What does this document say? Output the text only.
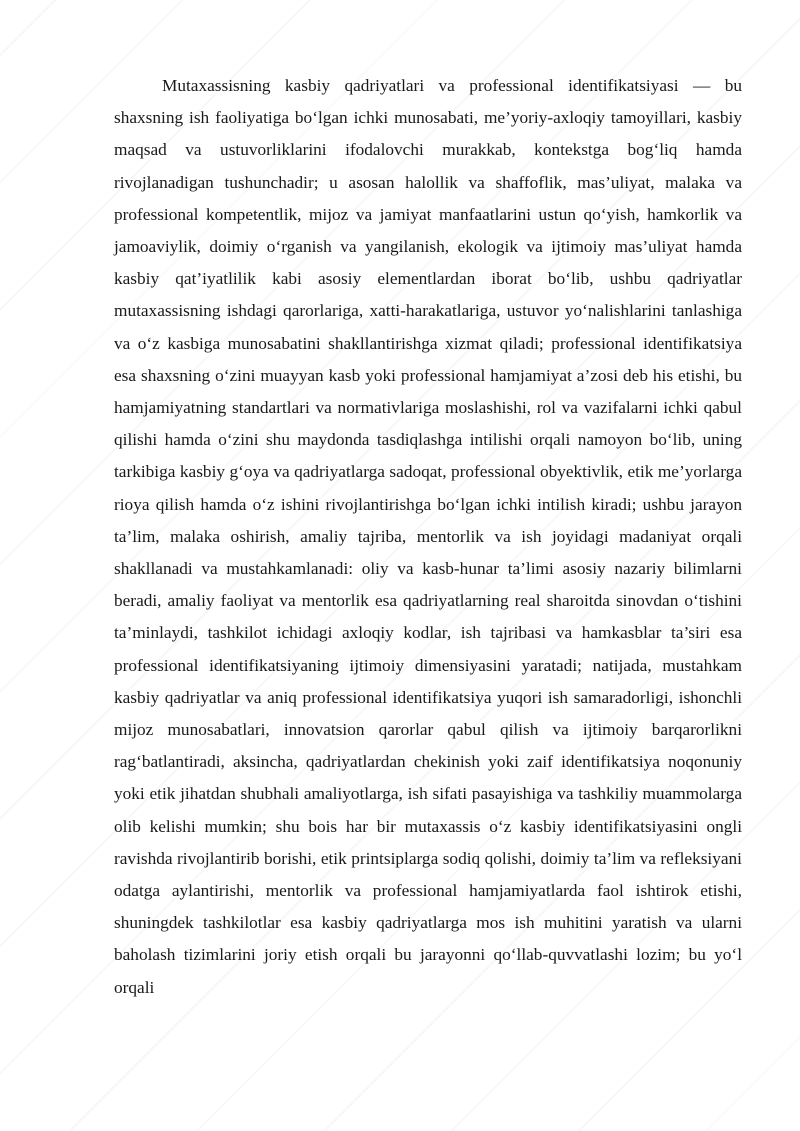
Mutaxassisning kasbiy qadriyatlari va professional identifikatsiyasi — bu shaxsning ish faoliyatiga bo‘lgan ichki munosabati, me’yoriy-axloqiy tamoyillari, kasbiy maqsad va ustuvorliklarini ifodalovchi murakkab, kontekstga bog‘liq hamda rivojlanadigan tushunchadir; u asosan halollik va shaffoflik, mas’uliyat, malaka va professional kompetentlik, mijoz va jamiyat manfaatlarini ustun qo‘yish, hamkorlik va jamoaviylik, doimiy o‘rganish va yangilanish, ekologik va ijtimoiy mas’uliyat hamda kasbiy qat’iyatlilik kabi asosiy elementlardan iborat bo‘lib, ushbu qadriyatlar mutaxassisning ishdagi qarorlariga, xatti-harakatlariga, ustuvor yo‘nalishlarini tanlashiga va o‘z kasbiga munosabatini shakllantirishga xizmat qiladi; professional identifikatsiya esa shaxsning o‘zini muayyan kasb yoki professional hamjamiyat a’zosi deb his etishi, bu hamjamiyatning standartlari va normativlariga moslashishi, rol va vazifalarni ichki qabul qilishi hamda o‘zini shu maydonda tasdiqlashga intilishi orqali namoyon bo‘lib, uning tarkibiga kasbiy g‘oya va qadriyatlarga sadoqat, professional obyektivlik, etik me’yorlarga rioya qilish hamda o‘z ishini rivojlantirishga bo‘lgan ichki intilish kiradi; ushbu jarayon ta’lim, malaka oshirish, amaliy tajriba, mentorlik va ish joyidagi madaniyat orqali shakllanadi va mustahkamlanadi: oliy va kasb-hunar ta’limi asosiy nazariy bilimlarni beradi, amaliy faoliyat va mentorlik esa qadriyatlarning real sharoitda sinovdan o‘tishini ta’minlaydi, tashkilot ichidagi axloqiy kodlar, ish tajribasi va hamkasblar ta’siri esa professional identifikatsiyaning ijtimoiy dimensiyasini yaratadi; natijada, mustahkam kasbiy qadriyatlar va aniq professional identifikatsiya yuqori ish samaradorligi, ishonchli mijoz munosabatlari, innovatsion qarorlar qabul qilish va ijtimoiy barqarorlikni rag‘batlantiradi, aksincha, qadriyatlardan chekinish yoki zaif identifikatsiya noqonuniy yoki etik jihatdan shubhali amaliyotlarga, ish sifati pasayishiga va tashkiliy muammolarga olib kelishi mumkin; shu bois har bir mutaxassis o‘z kasbiy identifikatsiyasini ongli ravishda rivojlantirib borishi, etik printsiplarga sodiq qolishi, doimiy ta’lim va refleksiyani odatga aylantirishi, mentorlik va professional hamjamiyatlarda faol ishtirok etishi, shuningdek tashkilotlar esa kasbiy qadriyatlarga mos ish muhitini yaratish va ularni baholash tizimlarini joriy etish orqali bu jarayonni qo‘llab-quvvatlashi lozim; bu yo‘l orqali
